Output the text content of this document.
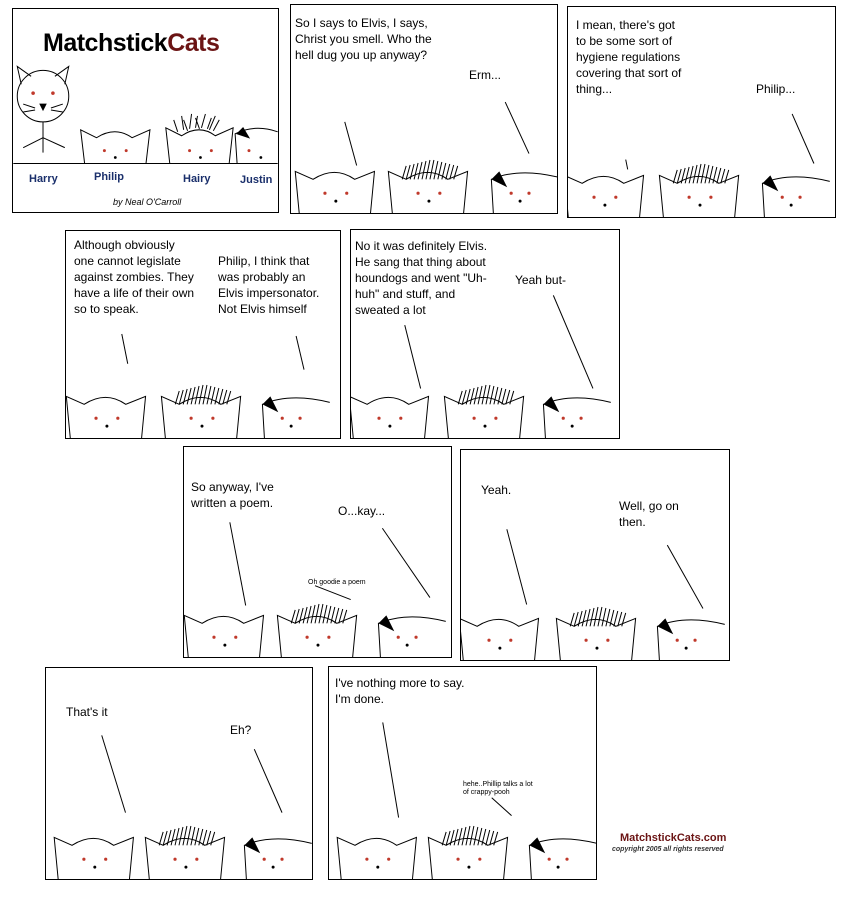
MatchstickCats
Harry	Philip	Hairy	Justin
by Neal O'Carroll
So I says to Elvis, I says, Christ you smell. Who the hell dug you up anyway?
Erm...
I mean, there's got to be some sort of hygiene regulations covering that sort of thing...	Philip...
Although obviously one cannot legislate against zombies. They have a life of their own so to speak.
Philip, I think that was probably an Elvis impersonator. Not Elvis himself
No it was definitely Elvis. He sang that thing about houndogs and went "Uh-huh" and stuff, and sweated a lot
Yeah but-
So anyway, I've written a poem.
O...kay...
Oh goodie a poem
Yeah.
Well, go on then.
That's it
Eh?
I've nothing more to say. I'm done.
hehe..Phillip talks a lot of crappy-pooh
MatchstickCats.com
copyright 2005 all rights reserved
